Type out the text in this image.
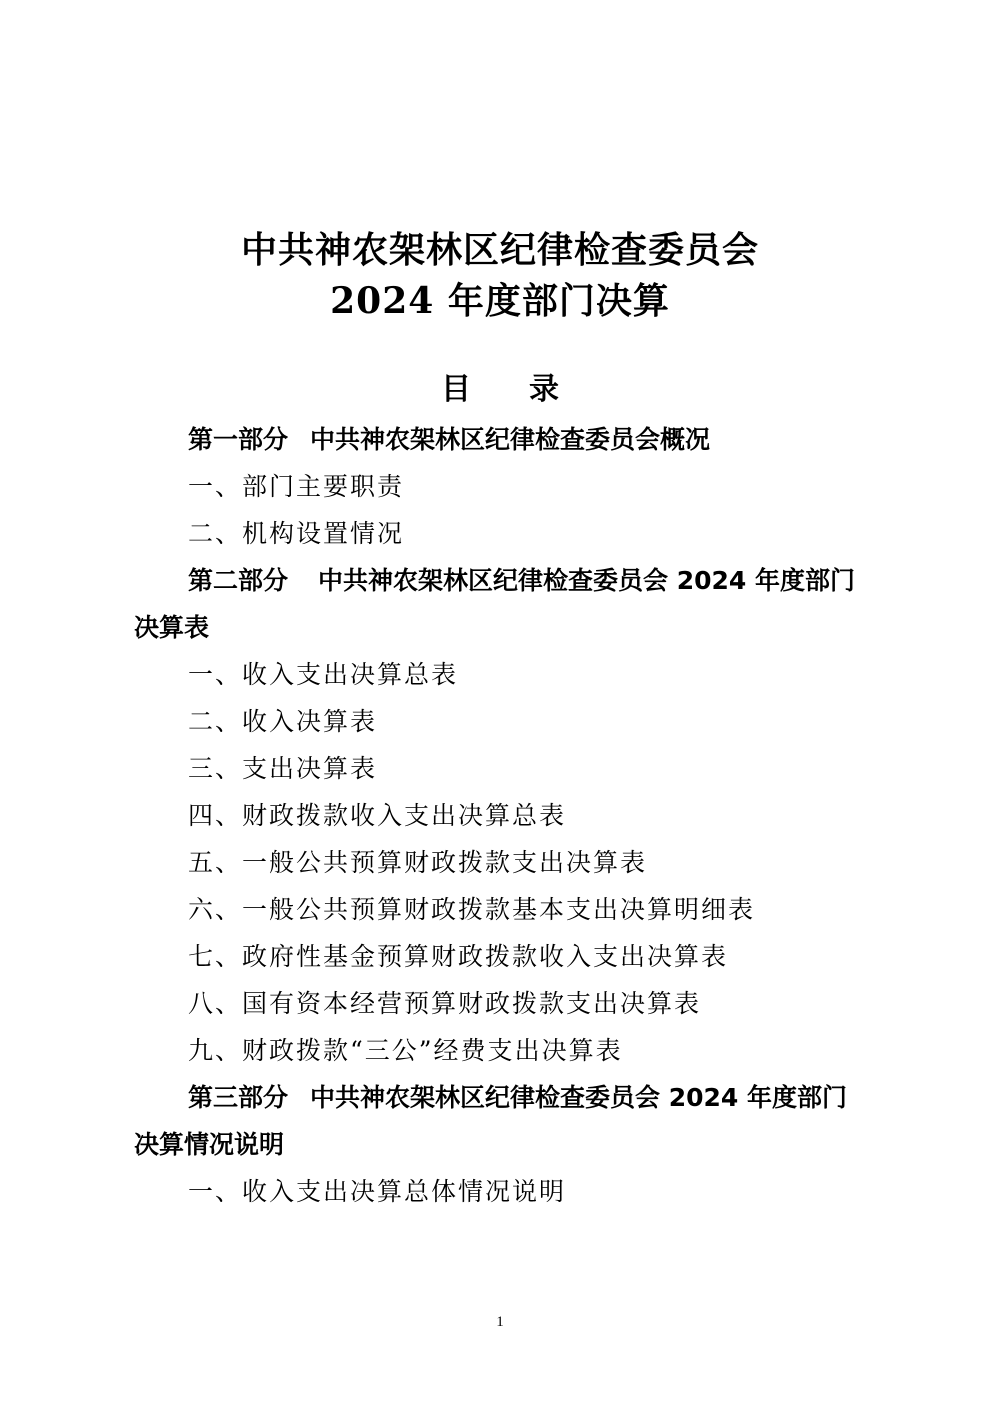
中共神农架林区纪律检查委员会
2024 年度部门决算
目 录
第一部分 中共神农架林区纪律检查委员会概况
一、部门主要职责
二、机构设置情况
第二部分 中共神农架林区纪律检查委员会 2024 年度部门
决算表
一、收入支出决算总表
二、收入决算表
三、支出决算表
四、财政拨款收入支出决算总表
五、一般公共预算财政拨款支出决算表
六、一般公共预算财政拨款基本支出决算明细表
七、政府性基金预算财政拨款收入支出决算表
八、国有资本经营预算财政拨款支出决算表
九、财政拨款“三公”经费支出决算表
第三部分 中共神农架林区纪律检查委员会 2024 年度部门
决算情况说明
一、收入支出决算总体情况说明
1
